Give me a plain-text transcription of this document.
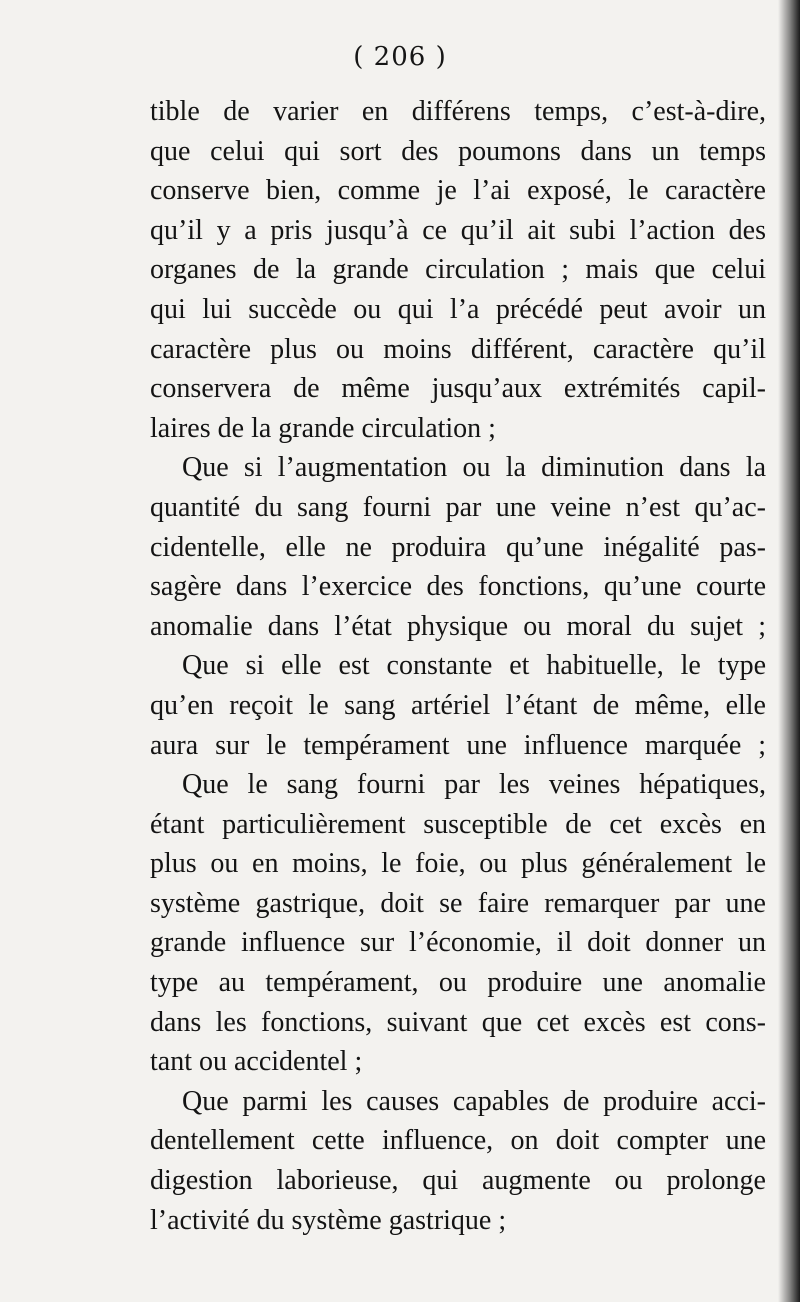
( 206 )
tible de varier en différens temps, c’est-à-dire,
que celui qui sort des poumons dans un temps
conserve bien, comme je l’ai exposé, le caractère
qu’il y a pris jusqu’à ce qu’il ait subi l’action des
organes de la grande circulation ; mais que celui
qui lui succède ou qui l’a précédé peut avoir un
caractère plus ou moins différent, caractère qu’il
conservera de même jusqu’aux extrémités capil-
laires de la grande circulation ;
Que si l’augmentation ou la diminution dans la
quantité du sang fourni par une veine n’est qu’ac-
cidentelle, elle ne produira qu’une inégalité pas-
sagère dans l’exercice des fonctions, qu’une courte
anomalie dans l’état physique ou moral du sujet ;
Que si elle est constante et habituelle, le type
qu’en reçoit le sang artériel l’étant de même, elle
aura sur le tempérament une influence marquée ;
Que le sang fourni par les veines hépatiques,
étant particulièrement susceptible de cet excès en
plus ou en moins, le foie, ou plus généralement le
système gastrique, doit se faire remarquer par une
grande influence sur l’économie, il doit donner un
type au tempérament, ou produire une anomalie
dans les fonctions, suivant que cet excès est cons-
tant ou accidentel ;
Que parmi les causes capables de produire acci-
dentellement cette influence, on doit compter une
digestion laborieuse, qui augmente ou prolonge
l’activité du système gastrique ;
